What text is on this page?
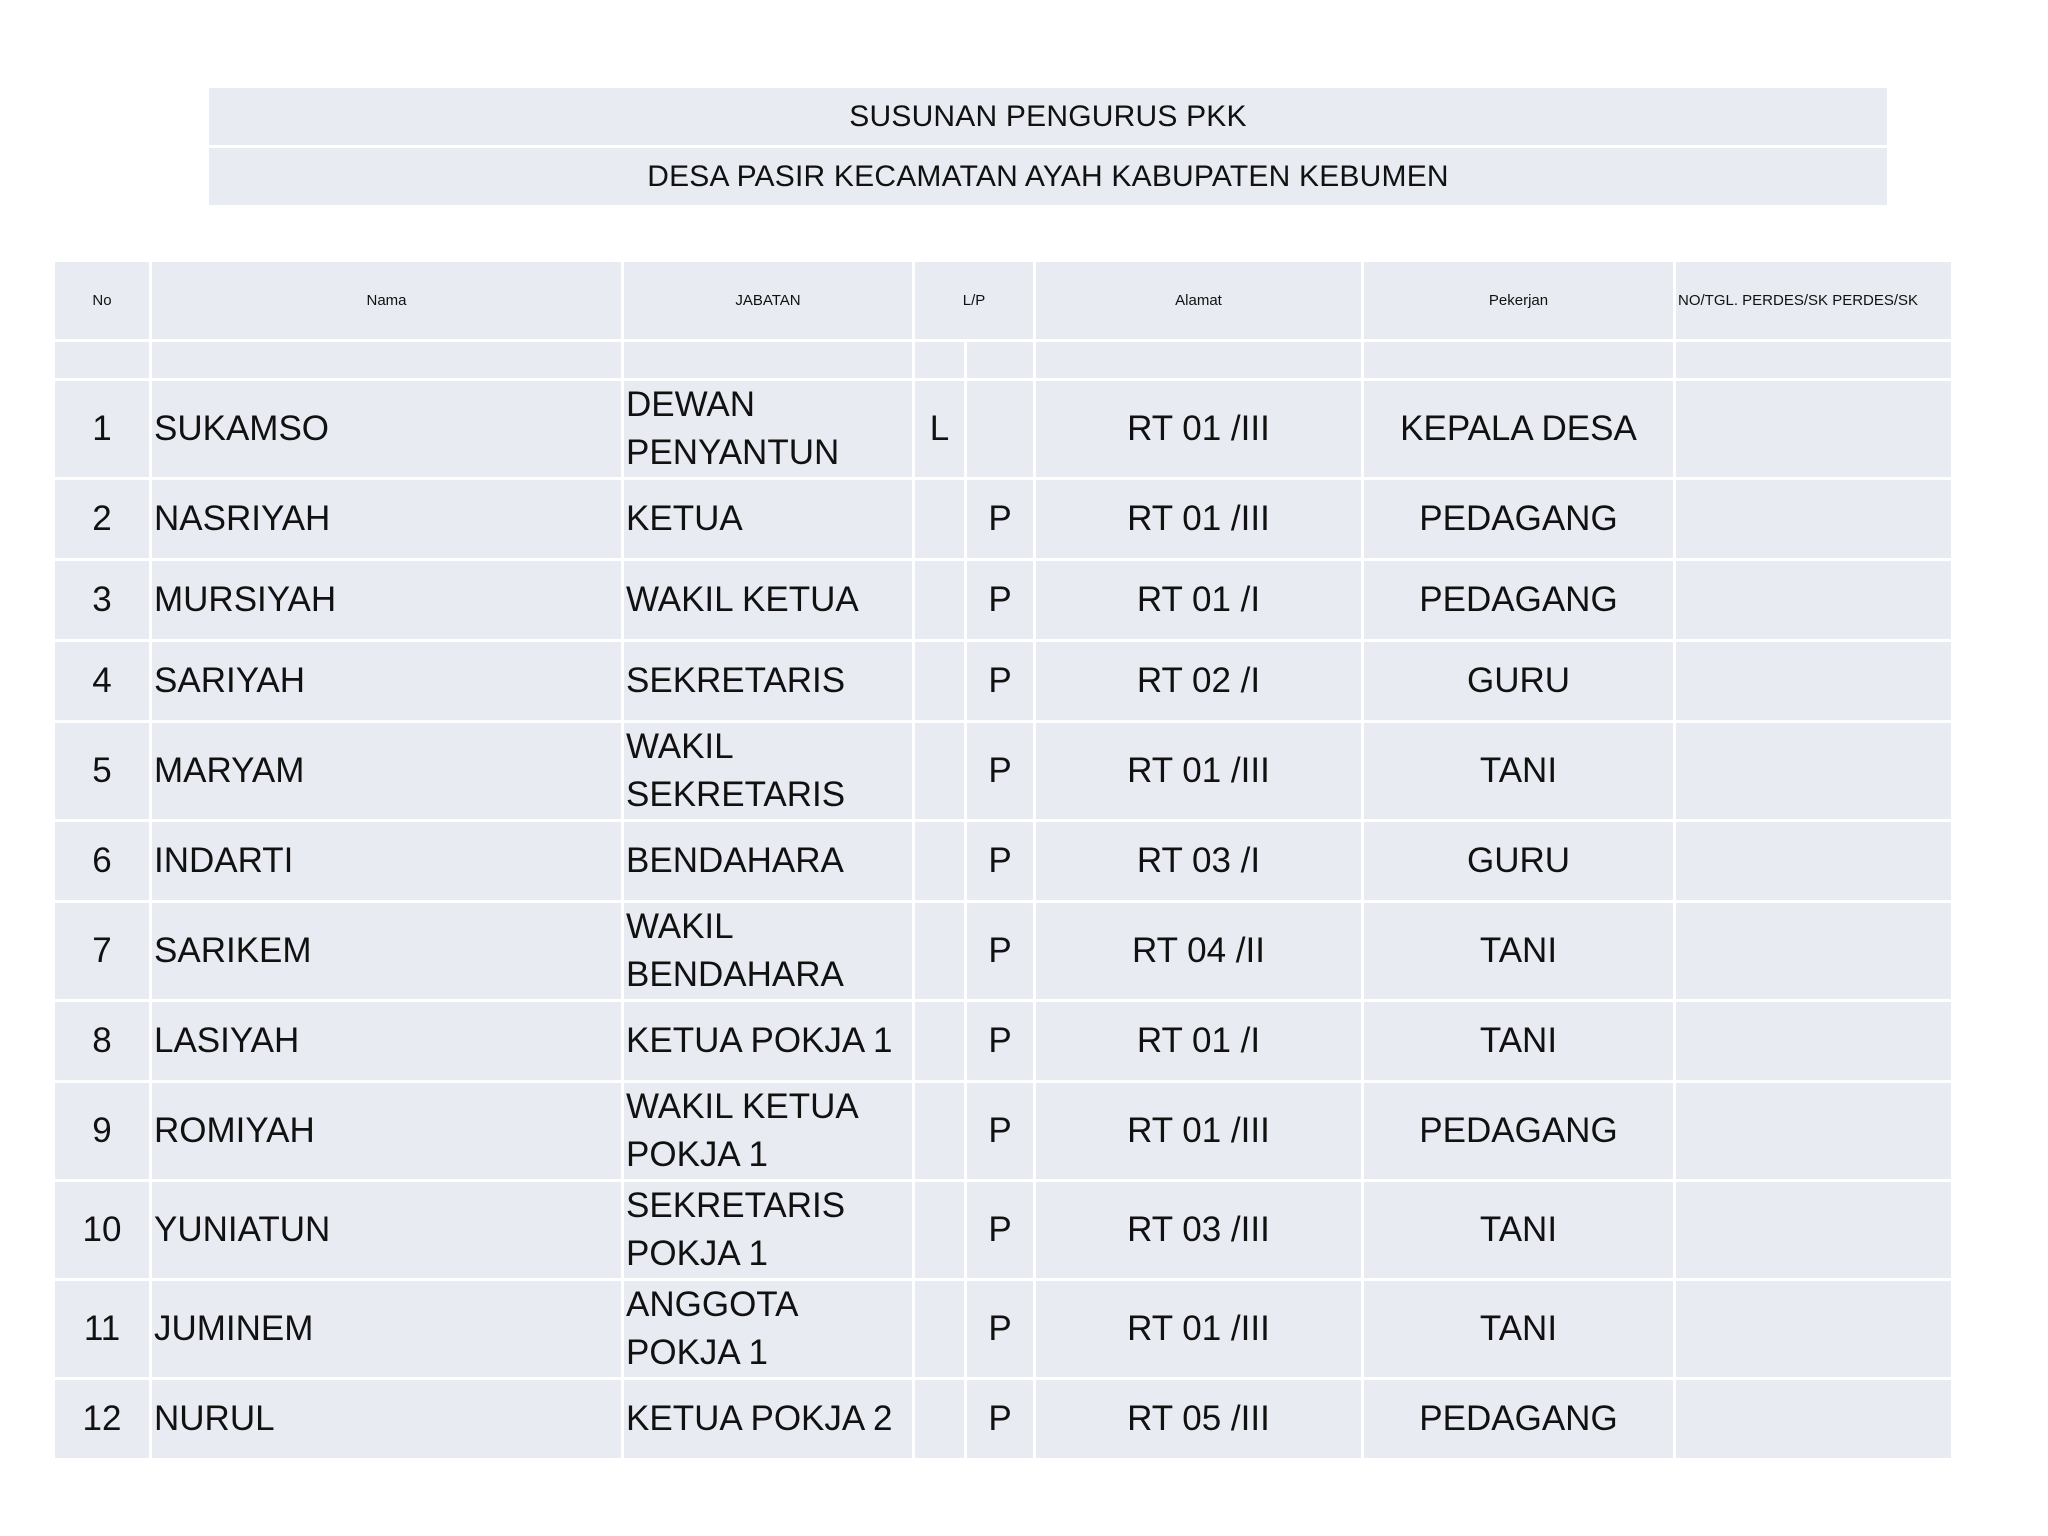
SUSUNAN PENGURUS PKK
DESA PASIR KECAMATAN AYAH KABUPATEN KEBUMEN
No	Nama	JABATAN	L/P		Alamat	Pekerjan	NO/TGL. PERDES/SK PERDES/SK

1	SUKAMSO	DEWAN PENYANTUN	L		RT 01 /III	KEPALA DESA	
2	NASRIYAH	KETUA		P	RT 01 /III	PEDAGANG	
3	MURSIYAH	WAKIL KETUA		P	RT 01 /I	PEDAGANG	
4	SARIYAH	SEKRETARIS		P	RT 02 /I	GURU	
5	MARYAM	WAKIL SEKRETARIS		P	RT 01 /III	TANI	
6	INDARTI	BENDAHARA		P	RT 03 /I	GURU	
7	SARIKEM	WAKIL BENDAHARA		P	RT 04 /II	TANI	
8	LASIYAH	KETUA POKJA 1		P	RT 01 /I	TANI	
9	ROMIYAH	WAKIL KETUA POKJA 1		P	RT 01 /III	PEDAGANG	
10	YUNIATUN	SEKRETARIS POKJA 1		P	RT 03 /III	TANI	
11	JUMINEM	ANGGOTA POKJA 1		P	RT 01 /III	TANI	
12	NURUL	KETUA POKJA 2		P	RT 05 /III	PEDAGANG	
